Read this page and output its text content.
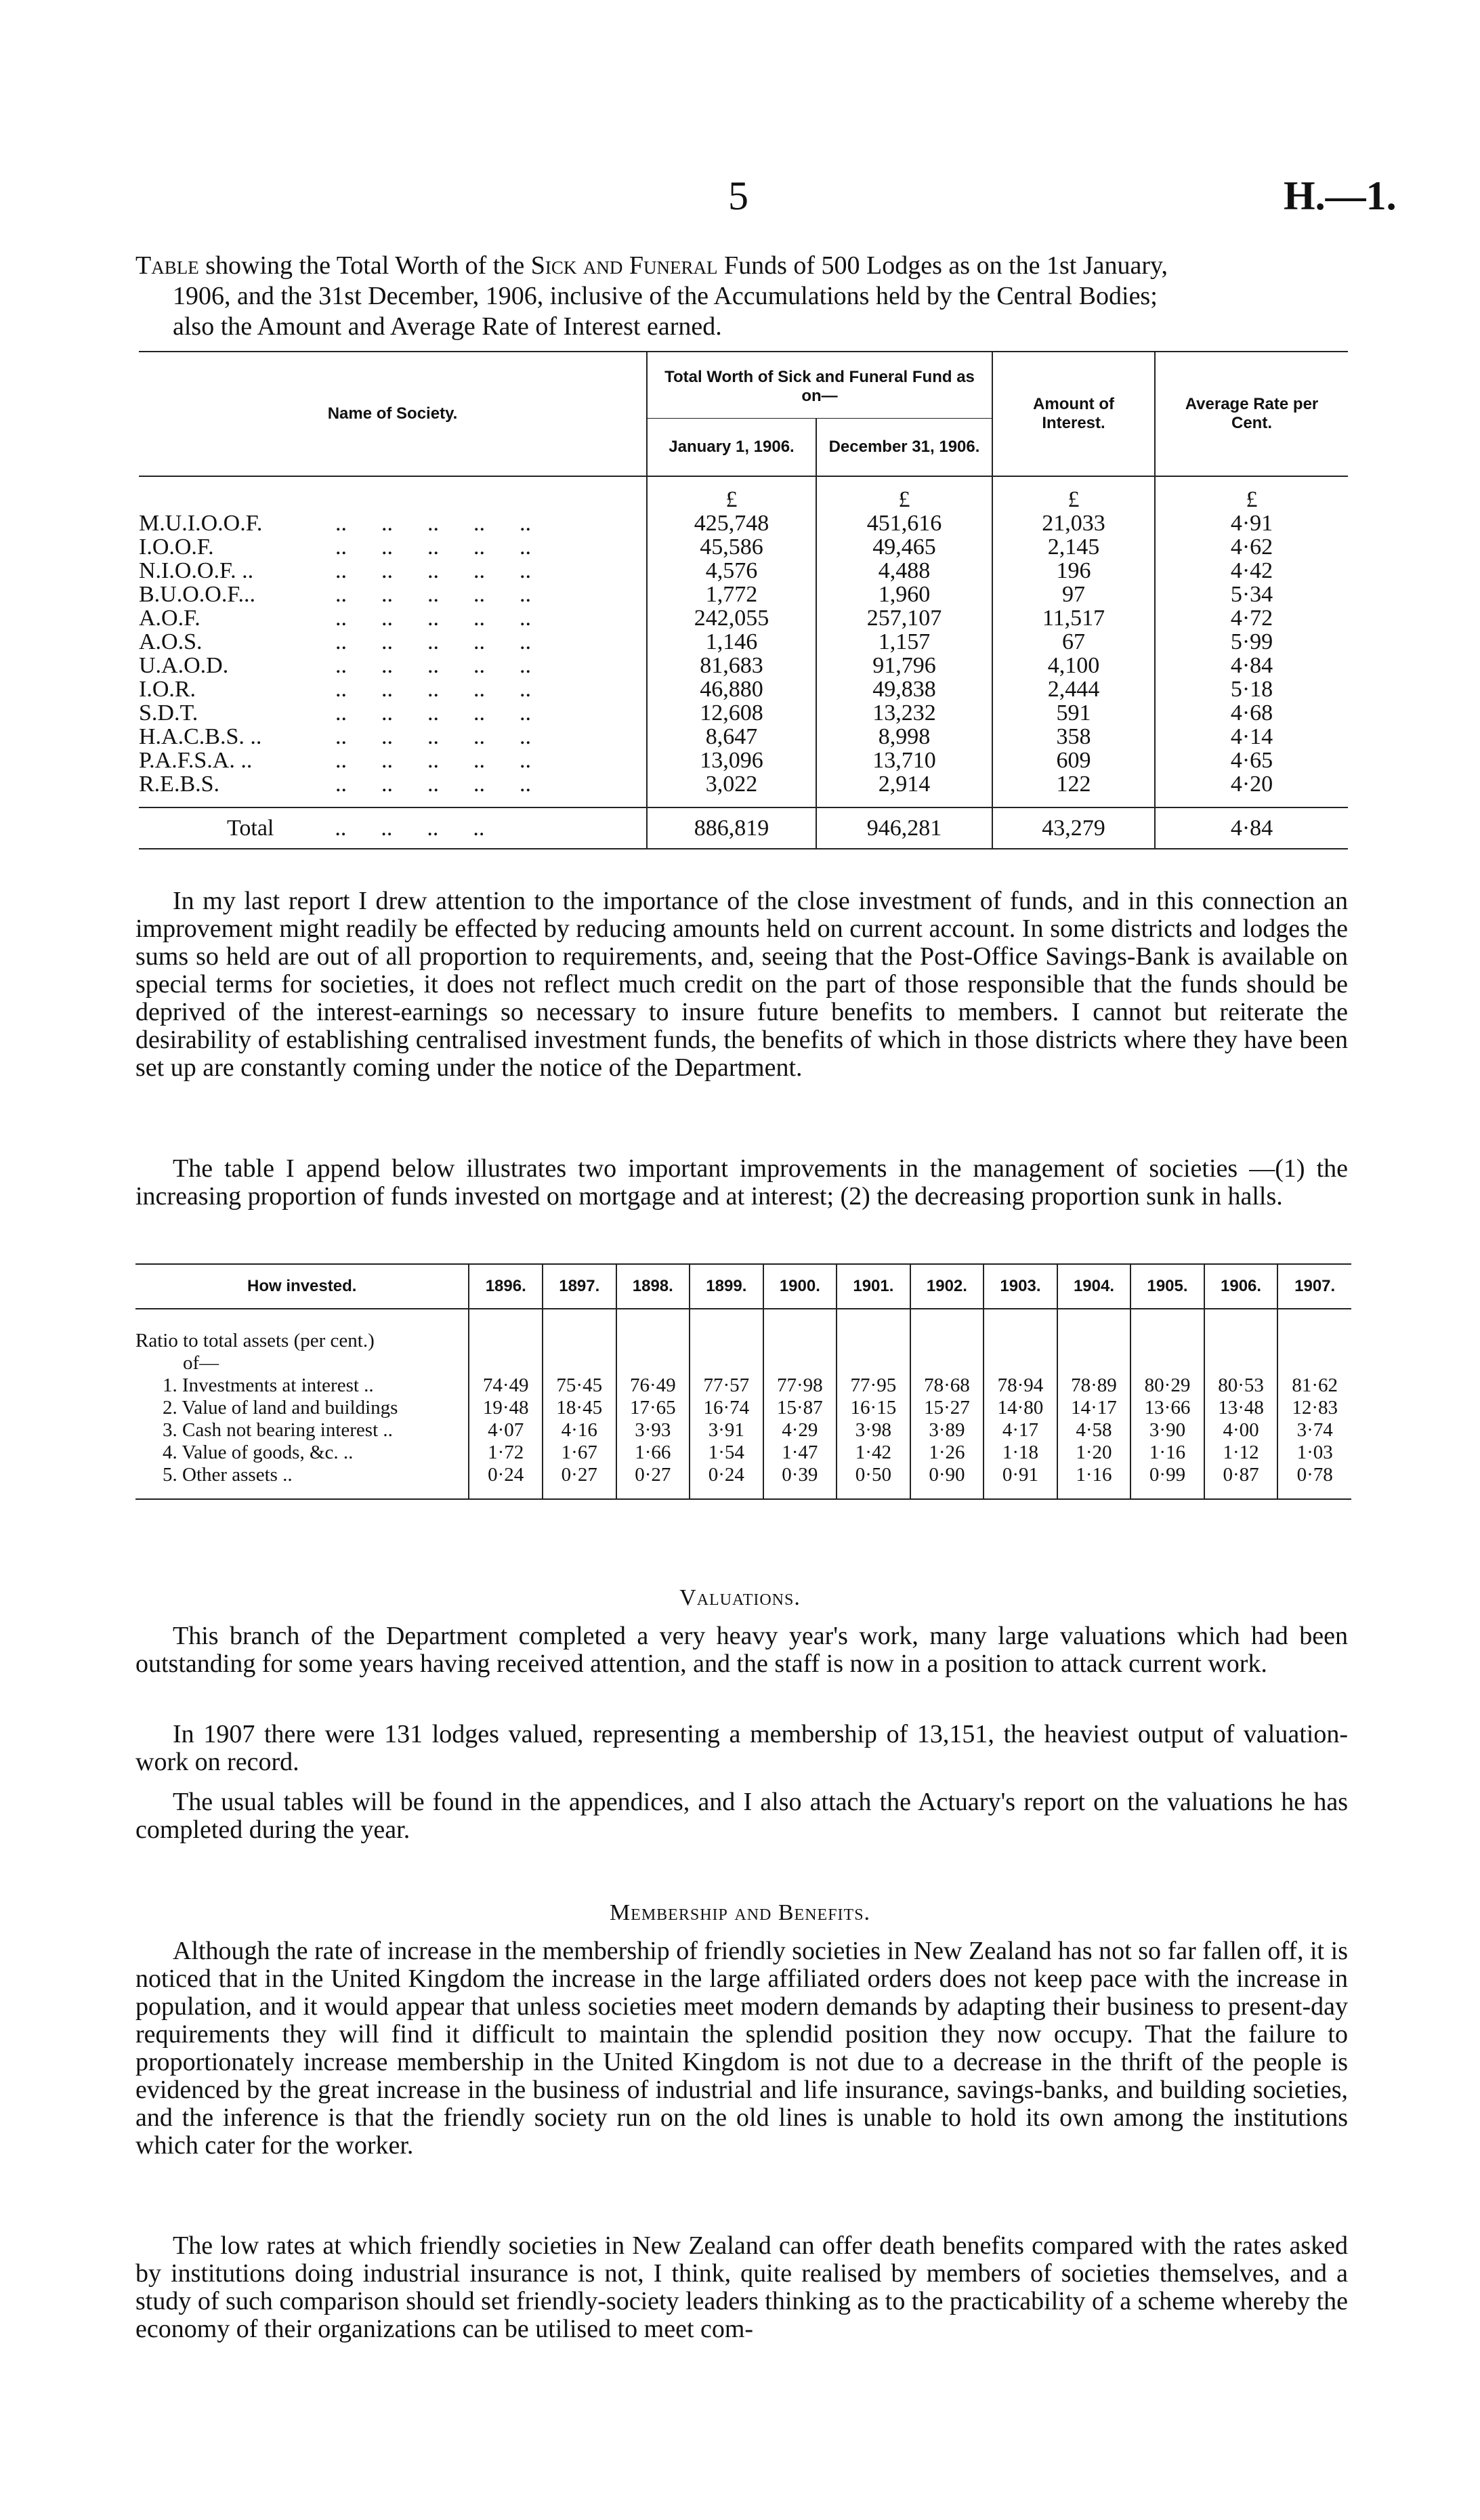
5	H.—1.
Table showing the Total Worth of the Sick and Funeral Funds of 500 Lodges as on the 1st January,
1906, and the 31st December, 1906, inclusive of the Accumulations held by the Central Bodies;
also the Amount and Average Rate of Interest earned.
Name of Society.	Total Worth of Sick and Funeral Fund as on—		Amount of Interest.	Average Rate per Cent.
	January 1, 1906.	December 31, 1906.		
	£	£	£	£
M.U.I.O.O.F. ..      ..      ..      ..      ..	425,748	451,616	21,033	4·91
I.O.O.F. ..      ..      ..      ..      ..	45,586	49,465	2,145	4·62
N.I.O.O.F. .. ..      ..      ..      ..      ..	4,576	4,488	196	4·42
B.U.O.O.F... ..      ..      ..      ..      ..	1,772	1,960	97	5·34
A.O.F. ..      ..      ..      ..      ..	242,055	257,107	11,517	4·72
A.O.S. ..      ..      ..      ..      ..	1,146	1,157	67	5·99
U.A.O.D. ..      ..      ..      ..      ..	81,683	91,796	4,100	4·84
I.O.R. ..      ..      ..      ..      ..	46,880	49,838	2,444	5·18
S.D.T. ..      ..      ..      ..      ..	12,608	13,232	591	4·68
H.A.C.B.S. .. ..      ..      ..      ..      ..	8,647	8,998	358	4·14
P.A.F.S.A. .. ..      ..      ..      ..      ..	13,096	13,710	609	4·65
R.E.B.S. ..      ..      ..      ..      ..	3,022	2,914	122	4·20
Total ..      ..      ..      ..	886,819	946,281	43,279	4·84
In my last report I drew attention to the importance of the close investment of funds, and in this connection an improvement might readily be effected by reducing amounts held on current account. In some districts and lodges the sums so held are out of all proportion to requirements, and, seeing that the Post-Office Savings-Bank is available on special terms for societies, it does not reflect much credit on the part of those responsible that the funds should be deprived of the interest-earnings so necessary to insure future benefits to members. I cannot but reiterate the desirability of establishing centralised investment funds, the benefits of which in those districts where they have been set up are constantly coming under the notice of the Department.
The table I append below illustrates two important improvements in the management of societies —(1) the increasing proportion of funds invested on mortgage and at interest; (2) the decreasing proportion sunk in halls.
How invested.	1896.	1897.	1898.	1899.	1900.	1901.	1902.	1903.	1904.	1905.	1906.	1907.
Ratio to total assets (per cent.)												
of—												
1. Investments at interest ..	74·49	75·45	76·49	77·57	77·98	77·95	78·68	78·94	78·89	80·29	80·53	81·62
2. Value of land and buildings	19·48	18·45	17·65	16·74	15·87	16·15	15·27	14·80	14·17	13·66	13·48	12·83
3. Cash not bearing interest ..	4·07	4·16	3·93	3·91	4·29	3·98	3·89	4·17	4·58	3·90	4·00	3·74
4. Value of goods, &c. ..	1·72	1·67	1·66	1·54	1·47	1·42	1·26	1·18	1·20	1·16	1·12	1·03
5. Other assets ..	0·24	0·27	0·27	0·24	0·39	0·50	0·90	0·91	1·16	0·99	0·87	0·78
Valuations.
This branch of the Department completed a very heavy year's work, many large valuations which had been outstanding for some years having received attention, and the staff is now in a position to attack current work.
In 1907 there were 131 lodges valued, representing a membership of 13,151, the heaviest output of valuation-work on record.
The usual tables will be found in the appendices, and I also attach the Actuary's report on the valuations he has completed during the year.
Membership and Benefits.
Although the rate of increase in the membership of friendly societies in New Zealand has not so far fallen off, it is noticed that in the United Kingdom the increase in the large affiliated orders does not keep pace with the increase in population, and it would appear that unless societies meet modern demands by adapting their business to present-day requirements they will find it difficult to maintain the splendid position they now occupy. That the failure to proportionately increase membership in the United Kingdom is not due to a decrease in the thrift of the people is evidenced by the great increase in the business of industrial and life insurance, savings-banks, and building societies, and the inference is that the friendly society run on the old lines is unable to hold its own among the institutions which cater for the worker.
The low rates at which friendly societies in New Zealand can offer death benefits compared with the rates asked by institutions doing industrial insurance is not, I think, quite realised by members of societies themselves, and a study of such comparison should set friendly-society leaders thinking as to the practicability of a scheme whereby the economy of their organizations can be utilised to meet com-
